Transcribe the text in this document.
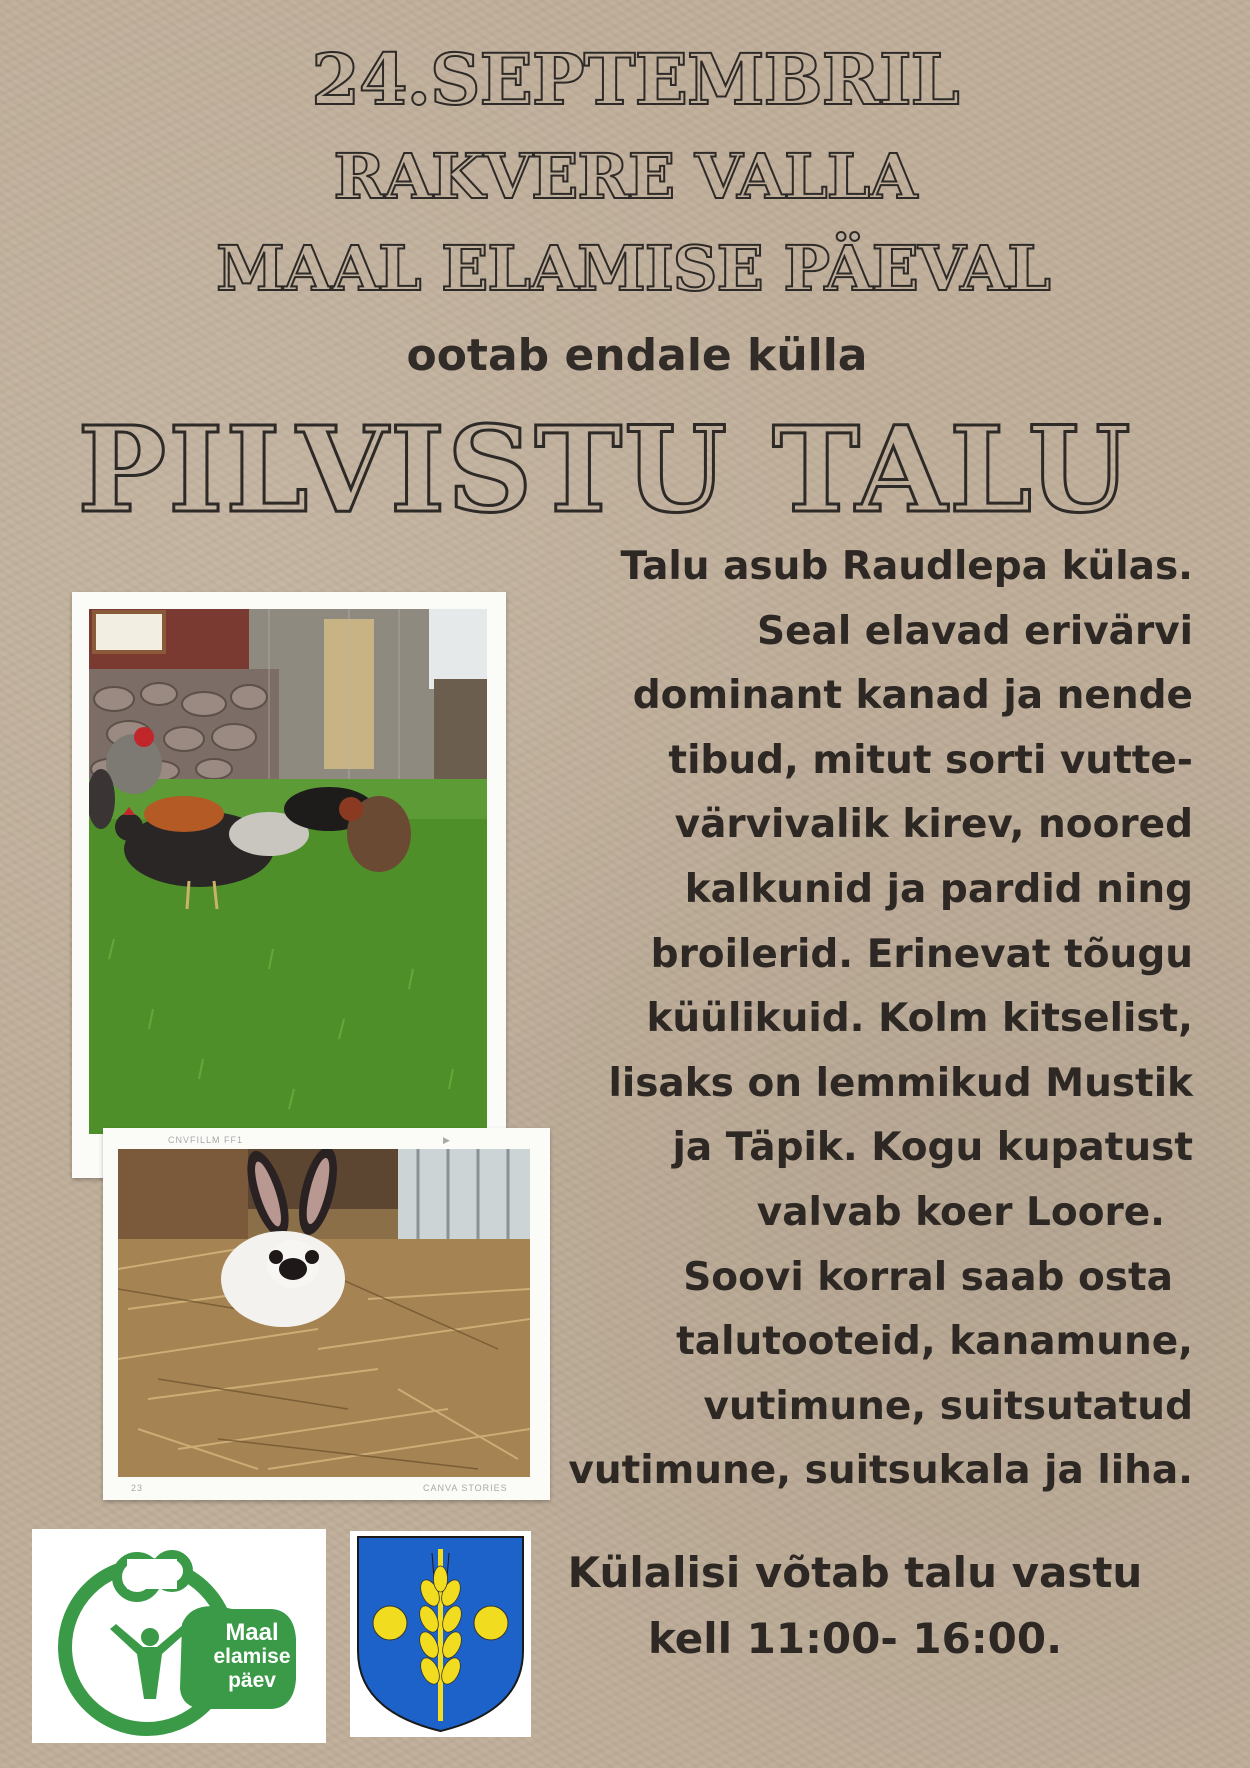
24.SEPTEMBRIL
RAKVERE VALLA
MAAL ELAMISE PÄEVAL
ootab endale külla
PILVISTU TALU
CNVFILLM FF1	▶
23	CANVA STORIES
Talu asub Raudlepa külas.
Seal elavad erivärvi
dominant kanad ja nende
tibud, mitut sorti vutte-
värvivalik kirev, noored
kalkunid ja pardid ning
broilerid. Erinevat tõugu
küülikuid. Kolm kitselist,
lisaks on lemmikud Mustik
ja Täpik. Kogu kupatust
valvab koer Loore.
Soovi korral saab osta
talutooteid, kanamune,
vutimune, suitsutatud
vutimune, suitsukala ja liha.
Maal
elamise
päev
Külalisi võtab talu vastu
kell 11:00- 16:00.
